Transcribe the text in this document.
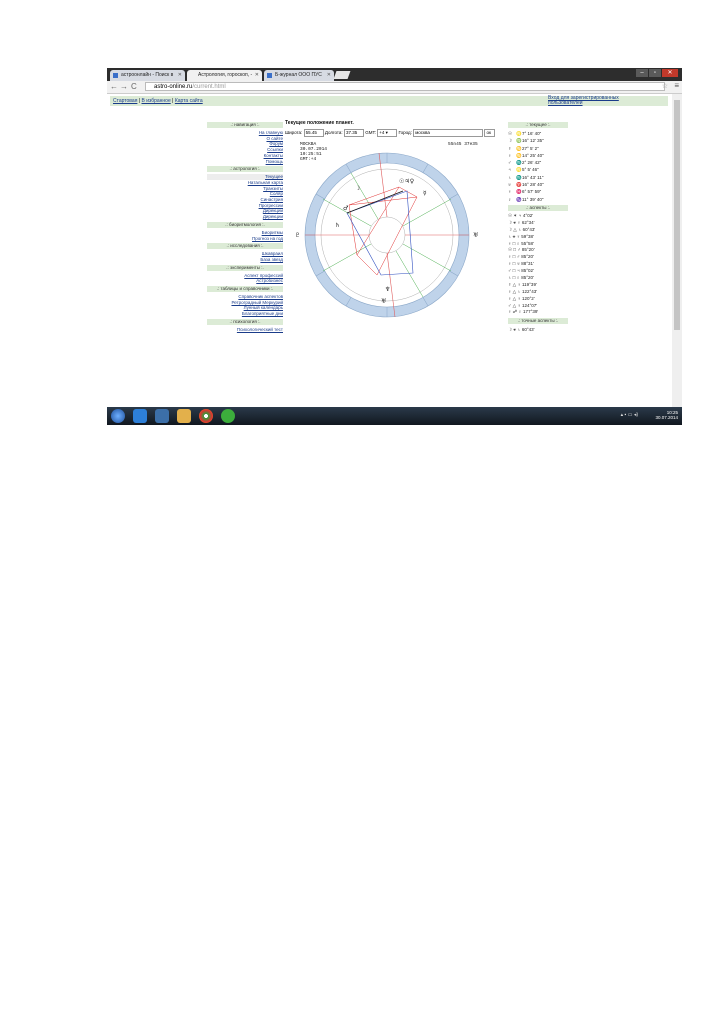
астроонлайн - Поиск в ✕	Астрология, гороскоп, - ✕	Б-журнал ООО ПУС ✕	–	▫	✕
← → C	astro-online.ru/current.html	☆ ≡
Стартовая | В избранное | Карта сайта	Вход для зарегистрированных пользователей
.: навигация :.
На главную
О сайте
Форум
Ссылки
Контакты
Помощь
.: астрология :.
Текущее
Натальная карта
Транзиты
Соляр
Синастрия
Прогрессии
Дирекции
Дирекции
.: биоритмология :.
Биоритмы
Прогноз на год
.: исследования :.
Шкавраил
База звезд
.: эксперименты :.
Аспект профессий
Астробизнес
.: таблицы и справочники :.
Справочник аспектов
Ретроградный Меркурий
Лунный календарь
Благоприятные дни
.: психология :.
Психологический тест
Текущее положение планет.
Широта: 55.45 Долгота: 37.35 GMT: +4 ▾ Город: москва	ок
МОСКВА
30.07.2014
10:25:51
GMT:+4
55n45 37e35
☽
♂
♄
☉♃♀
☿
♆
♅
♇	♅
.: текущее :.
☉ ♌7° 16' 40"
☽ ♍16° 12' 35"
☿ ♋27° 5' 2"
♀ ♋14° 25' 40"
♂ ♏2° 26' 42"
♃ ♌5° 5' 46"
♄ ♏16° 43' 11"
♅ ♈16° 28' 40"
♆ ♓6° 57' 59"
♇ ♑11° 39' 40"
.: аспекты :.
☉ ✶ ♃ 4°02'
☽ ⚹ ♀ 62°34'
☽ △ ♄ 60°43'
♄ ⚹ ♆ 59°38'
♆ □ ♇ 55°58'
☉ □ ♂ 85°20'
♀ □ ♂ 85°20'
♀ □ ♅ 88°31'
♂ □ ♃ 85°02'
♄ □ ♇ 85°20'
☿ △ ♆ 119°39'
♀ △ ♄ 122°43'
♀ △ ♆ 120°2'
♂ △ ♆ 124°07'
♀ ☍ ♇ 177°39'
.: точные аспекты :.
☽ ⚹ ♄ 60°43'
▴ ▪ ▭ ◂)	10:25
30.07.2014
